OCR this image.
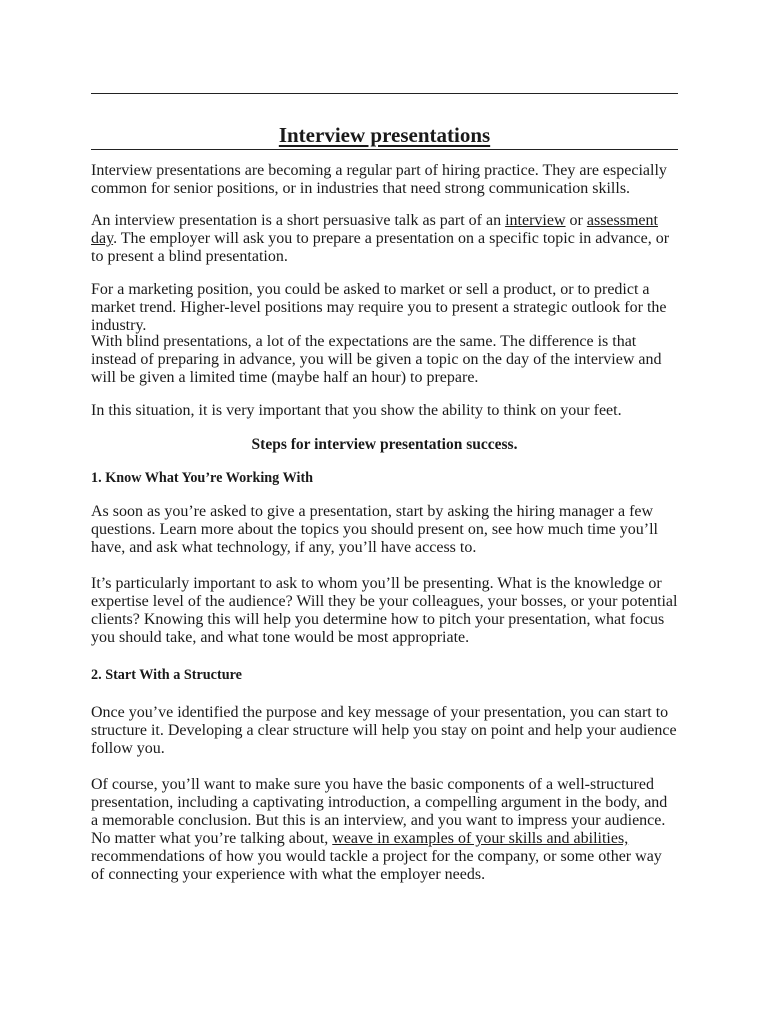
Interview presentations

Interview presentations are becoming a regular part of hiring practice. They are especially common for senior positions, or in industries that need strong communication skills.

An interview presentation is a short persuasive talk as part of an interview or assessment day. The employer will ask you to prepare a presentation on a specific topic in advance, or to present a blind presentation.

For a marketing position, you could be asked to market or sell a product, or to predict a market trend. Higher-level positions may require you to present a strategic outlook for the industry.

With blind presentations, a lot of the expectations are the same. The difference is that instead of preparing in advance, you will be given a topic on the day of the interview and will be given a limited time (maybe half an hour) to prepare.

In this situation, it is very important that you show the ability to think on your feet.

Steps for interview presentation success.

1. Know What You’re Working With

As soon as you’re asked to give a presentation, start by asking the hiring manager a few questions. Learn more about the topics you should present on, see how much time you’ll have, and ask what technology, if any, you’ll have access to.

It’s particularly important to ask to whom you’ll be presenting. What is the knowledge or expertise level of the audience? Will they be your colleagues, your bosses, or your potential clients? Knowing this will help you determine how to pitch your presentation, what focus you should take, and what tone would be most appropriate.

2. Start With a Structure

Once you’ve identified the purpose and key message of your presentation, you can start to structure it. Developing a clear structure will help you stay on point and help your audience follow you.

Of course, you’ll want to make sure you have the basic components of a well-structured presentation, including a captivating introduction, a compelling argument in the body, and a memorable conclusion. But this is an interview, and you want to impress your audience. No matter what you’re talking about, weave in examples of your skills and abilities, recommendations of how you would tackle a project for the company, or some other way of connecting your experience with what the employer needs.
